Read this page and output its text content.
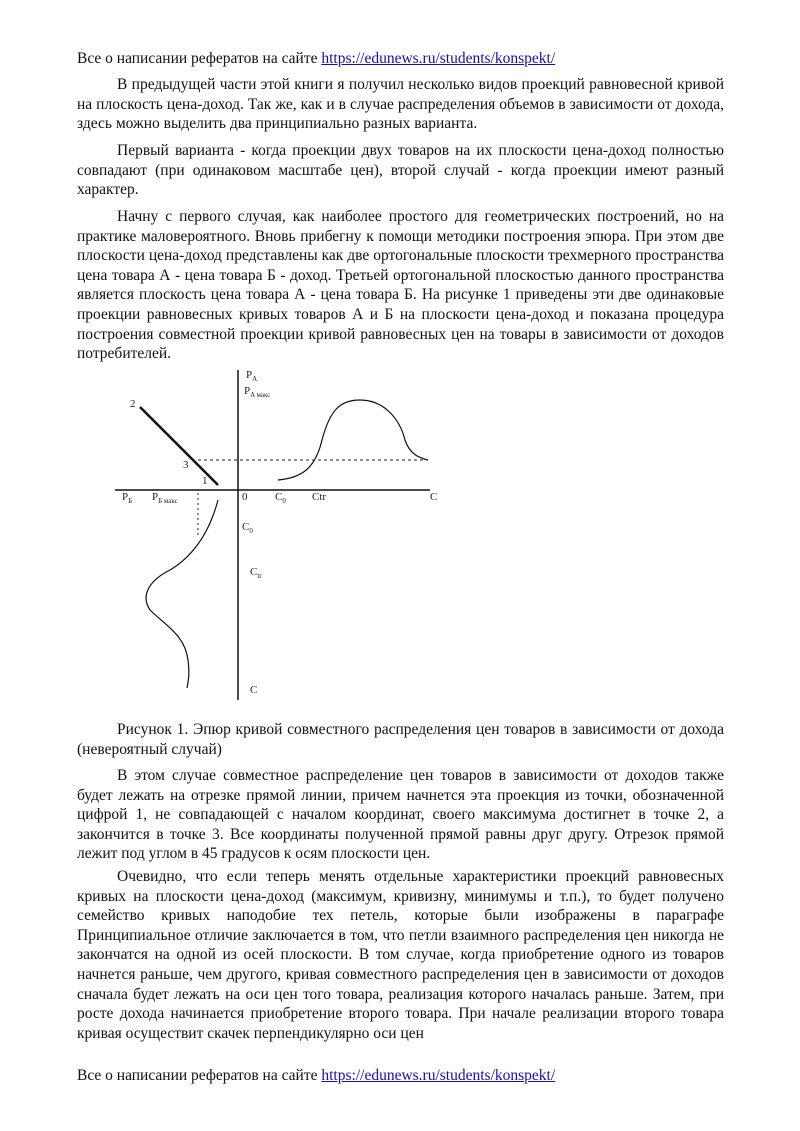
Все о написании рефератов на сайте https://edunews.ru/students/konspekt/

В предыдущей части этой книги я получил несколько видов проекций равновесной кривой на плоскость цена-доход. Так же, как и в случае распределения объемов в зависимости от дохода, здесь можно выделить два принципиально разных варианта.

Первый варианта - когда проекции двух товаров на их плоскости цена-доход полностью совпадают (при одинаковом масштабе цен), второй случай - когда проекции имеют разный характер.

Начну с первого случая, как наиболее простого для геометрических построений, но на практике маловероятного. Вновь прибегну к помощи методики построения эпюра. При этом две плоскости цена-доход представлены как две ортогональные плоскости трехмерного пространства цена товара А - цена товара Б - доход. Третьей ортогональной плоскостью данного пространства является плоскость цена товара А - цена товара Б. На рисунке 1 приведены эти две одинаковые проекции равновесных кривых товаров А и Б на плоскости цена-доход и показана процедура построения совместной проекции кривой равновесных цен на товары в зависимости от доходов потребителей.

$P_A$
$P_{A макс}$
$P_Б$ $P_{Б макс}$	0	$C_0$ Ctr	C
$C_0$
$C_{tr}$
C
1
2
3

Рисунок 1. Эпюр кривой совместного распределения цен товаров в зависимости от дохода (невероятный случай)

В этом случае совместное распределение цен товаров в зависимости от доходов также будет лежать на отрезке прямой линии, причем начнется эта проекция из точки, обозначенной цифрой 1, не совпадающей с началом координат, своего максимума достигнет в точке 2, а закончится в точке 3. Все координаты полученной прямой равны друг другу. Отрезок прямой лежит под углом в 45 градусов к осям плоскости цен.

Очевидно, что если теперь менять отдельные характеристики проекций равновесных кривых на плоскости цена-доход (максимум, кривизну, минимумы и т.п.), то будет получено семейство кривых наподобие тех петель, которые были изображены в параграфе Принципиальное отличие заключается в том, что петли взаимного распределения цен никогда не закончатся на одной из осей плоскости. В том случае, когда приобретение одного из товаров начнется раньше, чем другого, кривая совместного распределения цен в зависимости от доходов сначала будет лежать на оси цен того товара, реализация которого началась раньше. Затем, при росте дохода начинается приобретение второго товара. При начале реализации второго товара кривая осуществит скачек перпендикулярно оси цен

Все о написании рефератов на сайте https://edunews.ru/students/konspekt/
